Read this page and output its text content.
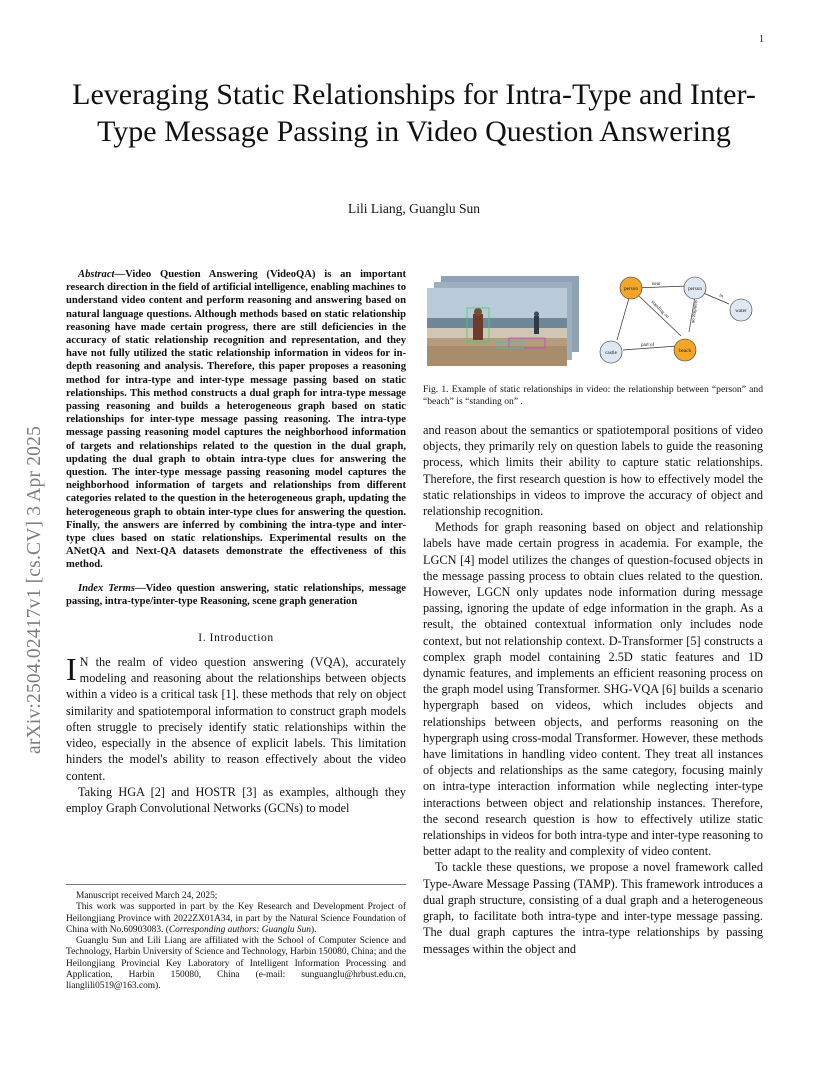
1
arXiv:2504.02417v1 [cs.CV] 3 Apr 2025
Leveraging Static Relationships for Intra-Type and Inter-Type Message Passing in Video Question Answering
Lili Liang, Guanglu Sun

Abstract—Video Question Answering (VideoQA) is an important research direction in the field of artificial intelligence, enabling machines to understand video content and perform reasoning and answering based on natural language questions. Although methods based on static relationship reasoning have made certain progress, there are still deficiencies in the accuracy of static relationship recognition and representation, and they have not fully utilized the static relationship information in videos for in-depth reasoning and analysis. Therefore, this paper proposes a reasoning method for intra-type and inter-type message passing based on static relationships. This method constructs a dual graph for intra-type message passing reasoning and builds a heterogeneous graph based on static relationships for inter-type message passing reasoning. The intra-type message passing reasoning model captures the neighborhood information of targets and relationships related to the question in the dual graph, updating the dual graph to obtain intra-type clues for answering the question. The inter-type message passing reasoning model captures the neighborhood information of targets and relationships from different categories related to the question in the heterogeneous graph, updating the heterogeneous graph to obtain inter-type clues for answering the question. Finally, the answers are inferred by combining the intra-type and inter-type clues based on static relationships. Experimental results on the ANetQA and Next-QA datasets demonstrate the effectiveness of this method.

Index Terms—Video question answering, static relationships, message passing, intra-type/inter-type Reasoning, scene graph generation

I. Introduction

I N the realm of video question answering (VQA), accurately modeling and reasoning about the relationships between objects within a video is a critical task [1]. these methods that rely on object similarity and spatiotemporal information to construct graph models often struggle to precisely identify static relationships within the video, especially in the absence of explicit labels. This limitation hinders the model's ability to reason effectively about the video content.

Taking HGA [2] and HOSTR [3] as examples, although they employ Graph Convolutional Networks (GCNs) to model

Manuscript received March 24, 2025;

This work was supported in part by the Key Research and Development Project of Heilongjiang Province with 2022ZX01A34, in part by the Natural Science Foundation of China with No.60903083. (Corresponding authors: Guanglu Sun).

Guanglu Sun and Lili Liang are affiliated with the School of Computer Science and Technology, Harbin University of Science and Technology, Harbin 150080, China; and the Heilongjiang Provincial Key Laboratory of Intelligent Information Processing and Application, Harbin 150080, China (e-mail: sunguanglu@hrbust.edu.cn, lianglili0519@163.com).

near
standing on	standing on
part of
in
person	person
water
castle	beach

Fig. 1. Example of static relationships in video: the relationship between “person” and “beach” is “standing on” .

and reason about the semantics or spatiotemporal positions of video objects, they primarily rely on question labels to guide the reasoning process, which limits their ability to capture static relationships. Therefore, the first research question is how to effectively model the static relationships in videos to improve the accuracy of object and relationship recognition.

Methods for graph reasoning based on object and relationship labels have made certain progress in academia. For example, the LGCN [4] model utilizes the changes of question-focused objects in the message passing process to obtain clues related to the question. However, LGCN only updates node information during message passing, ignoring the update of edge information in the graph. As a result, the obtained contextual information only includes node context, but not relationship context. D-Transformer [5] constructs a complex graph model containing 2.5D static features and 1D dynamic features, and implements an efficient reasoning process on the graph model using Transformer. SHG-VQA [6] builds a scenario hypergraph based on videos, which includes objects and relationships between objects, and performs reasoning on the hypergraph using cross-modal Transformer. However, these methods have limitations in handling video content. They treat all instances of objects and relationships as the same category, focusing mainly on intra-type interaction information while neglecting inter-type interactions between object and relationship instances. Therefore, the second research question is how to effectively utilize static relationships in videos for both intra-type and inter-type reasoning to better adapt to the reality and complexity of video content.

To tackle these questions, we propose a novel framework called Type-Aware Message Passing (TAMP). This framework introduces a dual graph structure, consisting of a dual graph and a heterogeneous graph, to facilitate both intra-type and inter-type message passing. The dual graph captures the intra-type relationships by passing messages within the object and
